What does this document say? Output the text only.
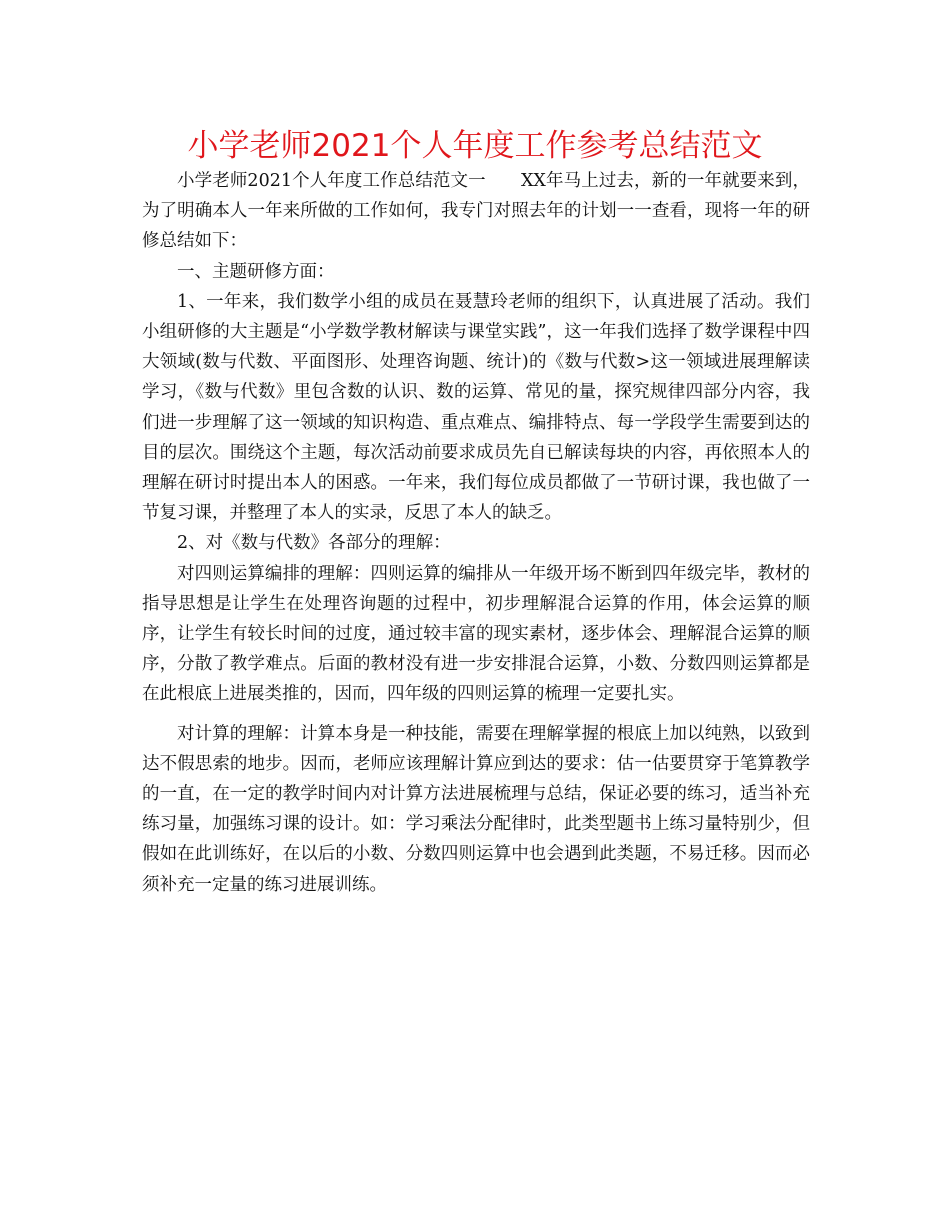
小学老师2021个人年度工作参考总结范文

小学老师2021个人年度工作总结范文一　　XX年马上过去，新的一年就要来到，为了明确本人一年来所做的工作如何，我专门对照去年的计划一一查看，现将一年的研修总结如下：

一、主题研修方面：

1、一年来，我们数学小组的成员在聂慧玲老师的组织下，认真进展了活动。我们小组研修的大主题是“小学数学教材解读与课堂实践”，这一年我们选择了数学课程中四大领域(数与代数、平面图形、处理咨询题、统计)的《数与代数>这一领域进展理解读学习，《数与代数》里包含数的认识、数的运算、常见的量，探究规律四部分内容，我们进一步理解了这一领域的知识构造、重点难点、编排特点、每一学段学生需要到达的目的层次。围绕这个主题，每次活动前要求成员先自已解读每块的内容，再依照本人的理解在研讨时提出本人的困惑。一年来，我们每位成员都做了一节研讨课，我也做了一节复习课，并整理了本人的实录，反思了本人的缺乏。

2、对《数与代数》各部分的理解：

对四则运算编排的理解：四则运算的编排从一年级开场不断到四年级完毕，教材的指导思想是让学生在处理咨询题的过程中，初步理解混合运算的作用，体会运算的顺序，让学生有较长时间的过度，通过较丰富的现实素材，逐步体会、理解混合运算的顺序，分散了教学难点。后面的教材没有进一步安排混合运算，小数、分数四则运算都是在此根底上进展类推的，因而，四年级的四则运算的梳理一定要扎实。

对计算的理解：计算本身是一种技能，需要在理解掌握的根底上加以纯熟，以致到达不假思索的地步。因而，老师应该理解计算应到达的要求：估一估要贯穿于笔算教学的一直，在一定的教学时间内对计算方法进展梳理与总结，保证必要的练习，适当补充练习量，加强练习课的设计。如：学习乘法分配律时，此类型题书上练习量特别少，但假如在此训练好，在以后的小数、分数四则运算中也会遇到此类题，不易迁移。因而必须补充一定量的练习进展训练。
